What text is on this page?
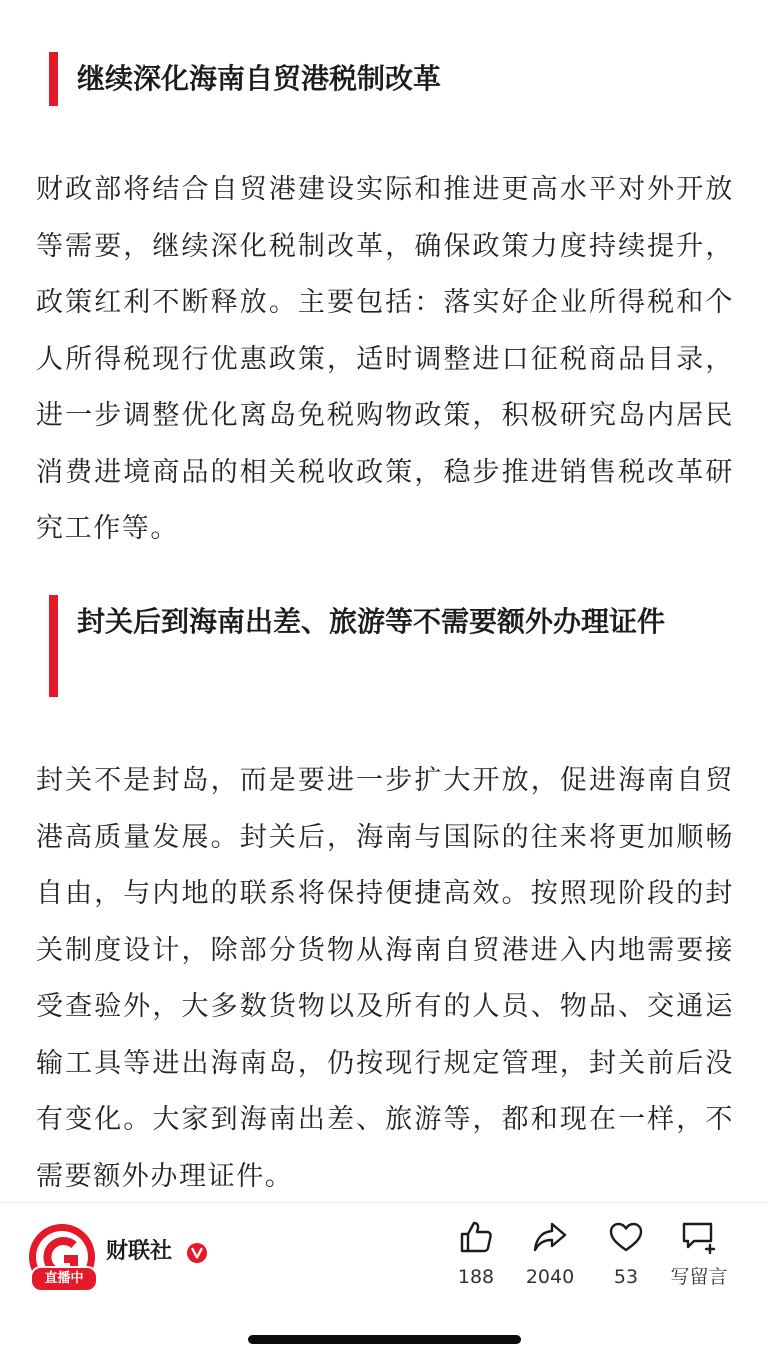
继续深化海南自贸港税制改革

财政部将结合自贸港建设实际和推进更高水平对外开放等需要，继续深化税制改革，确保政策力度持续提升，政策红利不断释放。主要包括：落实好企业所得税和个人所得税现行优惠政策，适时调整进口征税商品目录，进一步调整优化离岛免税购物政策，积极研究岛内居民消费进境商品的相关税收政策，稳步推进销售税改革研究工作等。

封关后到海南出差、旅游等不需要额外办理证件

封关不是封岛，而是要进一步扩大开放，促进海南自贸港高质量发展。封关后，海南与国际的往来将更加顺畅自由，与内地的联系将保持便捷高效。按照现阶段的封关制度设计，除部分货物从海南自贸港进入内地需要接受查验外，大多数货物以及所有的人员、物品、交通运输工具等进出海南岛，仍按现行规定管理，封关前后没有变化。大家到海南出差、旅游等，都和现在一样，不需要额外办理证件。

直播中
财联社
188	2040	53	写留言
